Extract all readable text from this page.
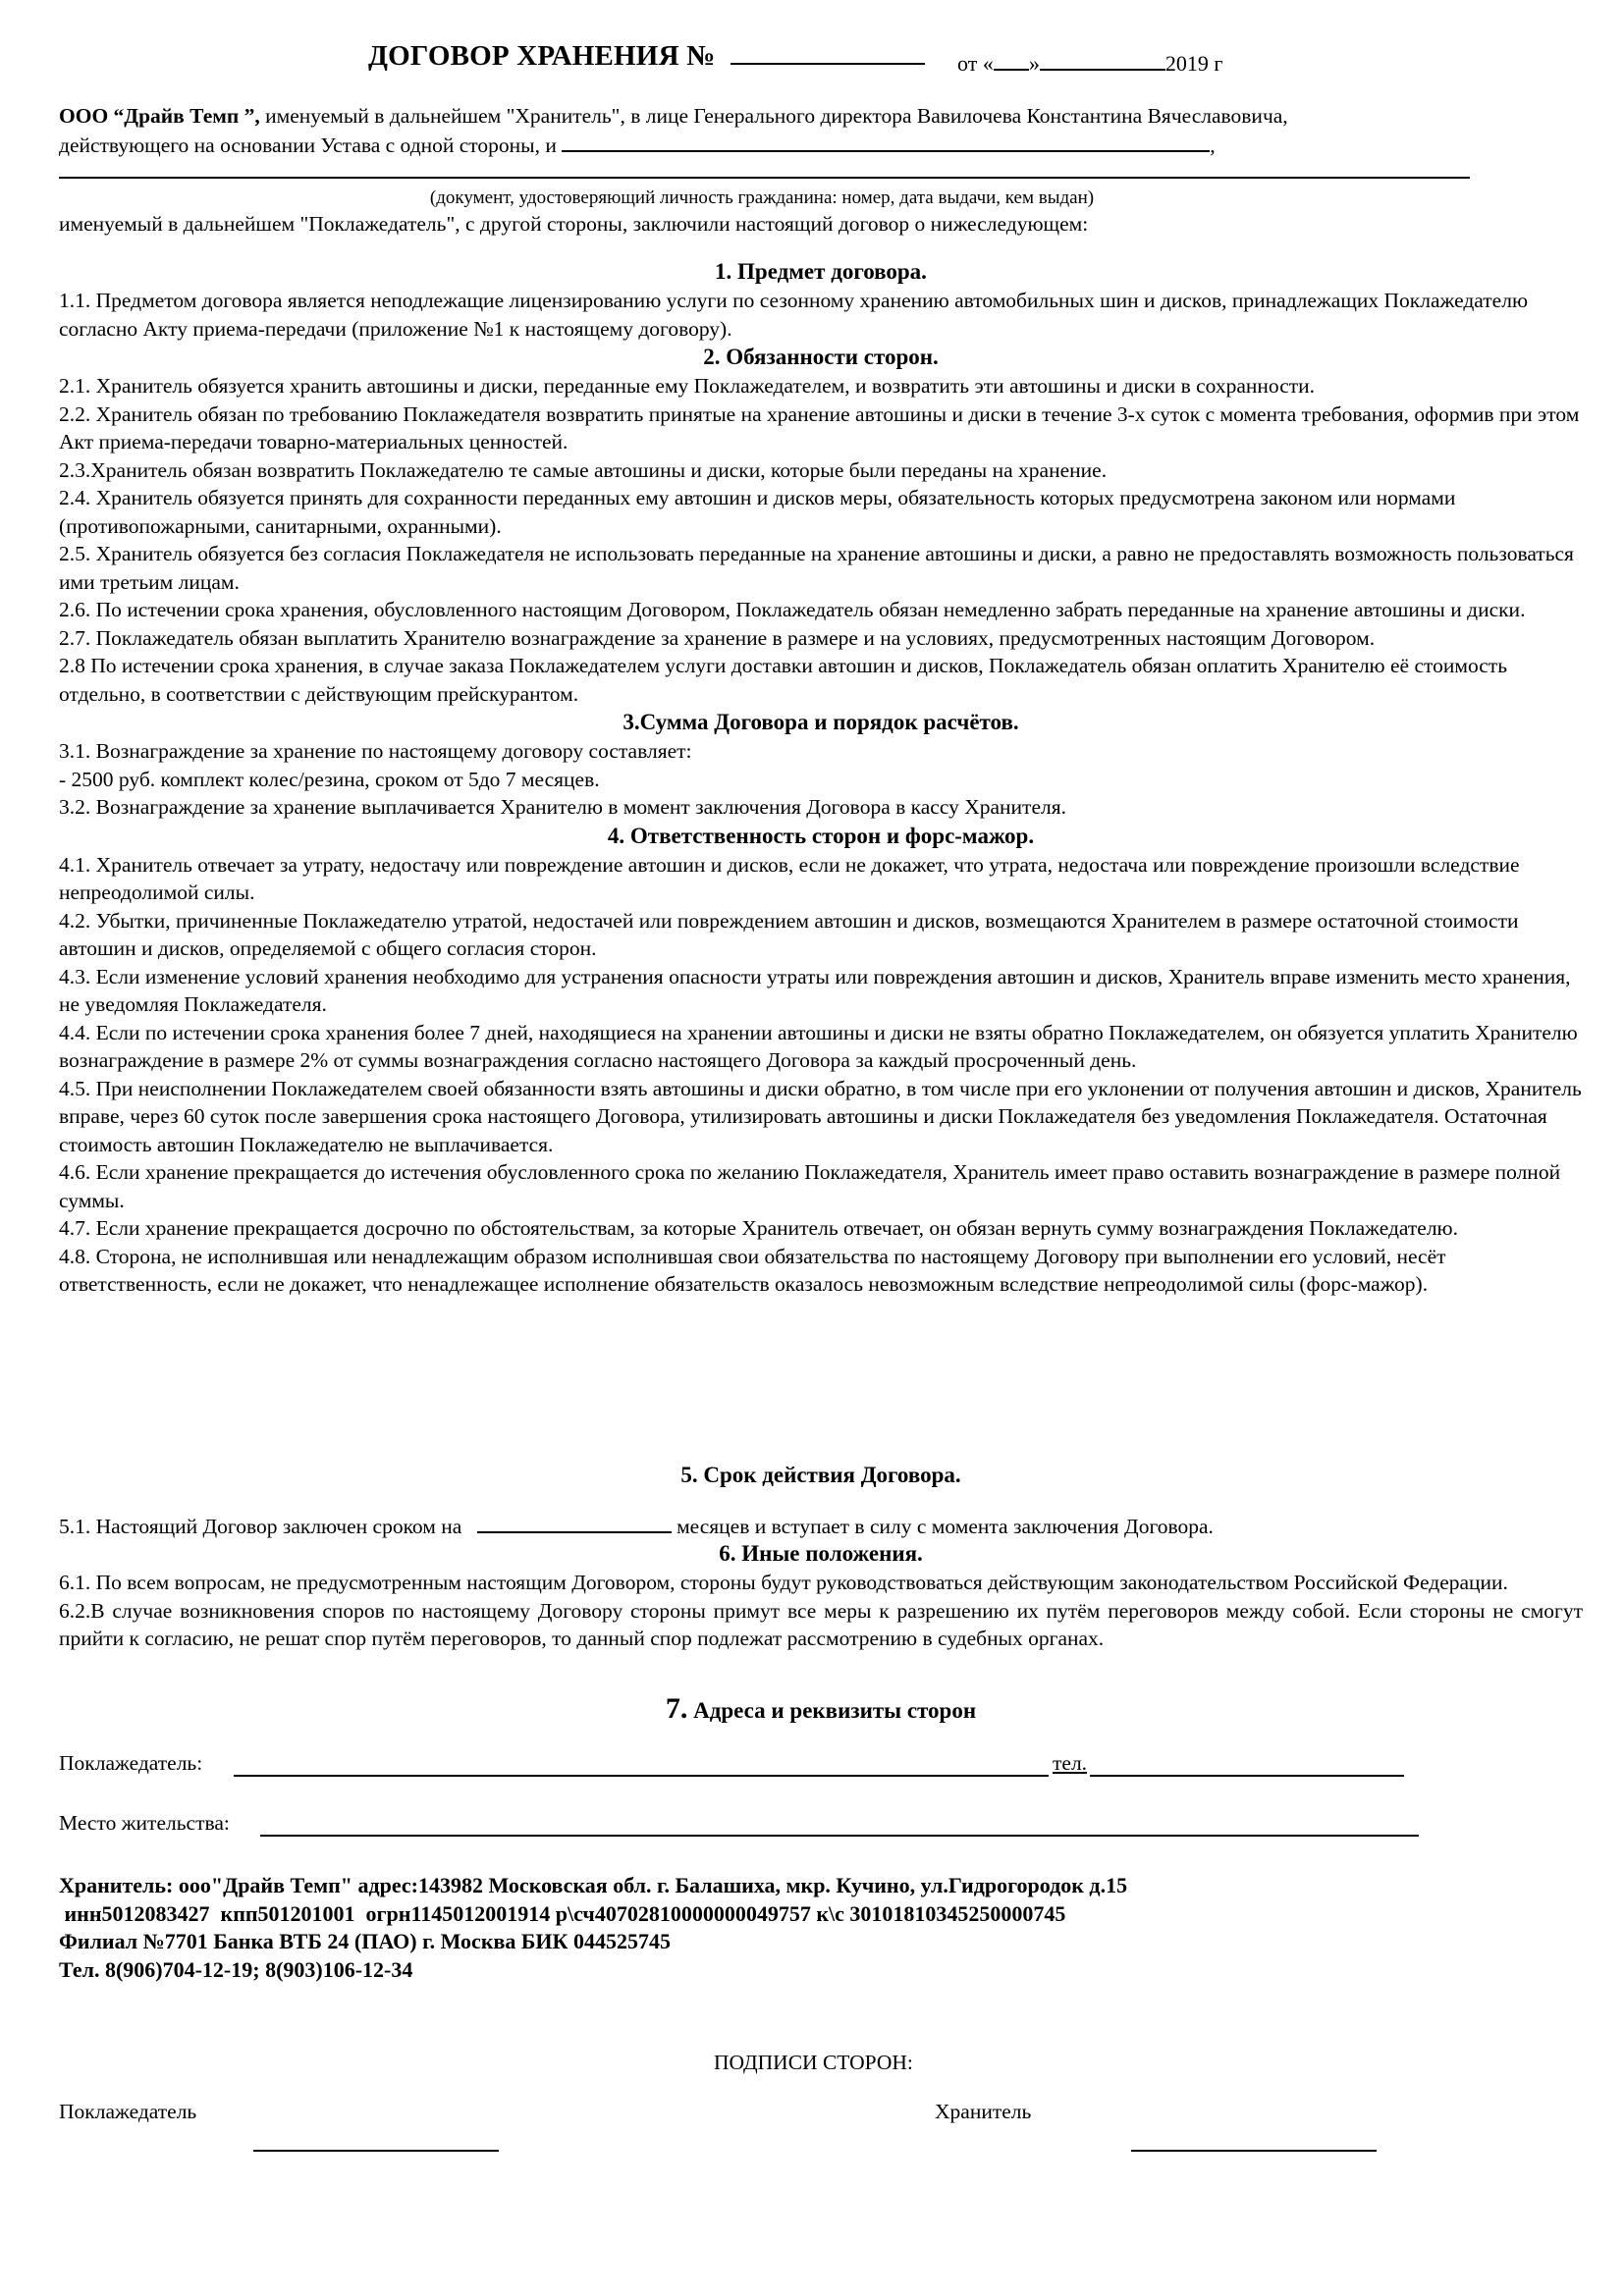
ДОГОВОР ХРАНЕНИЯ №	от « »	2019 г

ООО “Драйв Темп ”, именуемый в дальнейшем "Хранитель", в лице Генерального директора Вавилочева Константина Вячеславовича,

действующего на основании Устава с одной стороны, и	,

(документ, удостоверяющий личность гражданина: номер, дата выдачи, кем выдан)

именуемый в дальнейшем "Поклажедатель", с другой стороны, заключили настоящий договор о нижеследующем:

1. Предмет договора.

1.1. Предметом договора является неподлежащие лицензированию услуги по сезонному хранению автомобильных шин и дисков, принадлежащих Поклажедателю согласно Акту приема-передачи (приложение №1 к настоящему договору).

2. Обязанности сторон.

2.1. Хранитель обязуется хранить автошины и диски, переданные ему Поклажедателем, и возвратить эти автошины и диски в сохранности.

2.2. Хранитель обязан по требованию Поклажедателя возвратить принятые на хранение автошины и диски в течение 3-х суток с момента требования, оформив при этом Акт приема-передачи товарно-материальных ценностей.

2.3.Хранитель обязан возвратить Поклажедателю те самые автошины и диски, которые были переданы на хранение.

2.4. Хранитель обязуется принять для сохранности переданных ему автошин и дисков меры, обязательность которых предусмотрена законом или нормами (противопожарными, санитарными, охранными).

2.5. Хранитель обязуется без согласия Поклажедателя не использовать переданные на хранение автошины и диски, а равно не предоставлять возможность пользоваться ими третьим лицам.

2.6. По истечении срока хранения, обусловленного настоящим Договором, Поклажедатель обязан немедленно забрать переданные на хранение автошины и диски.

2.7. Поклажедатель обязан выплатить Хранителю вознаграждение за хранение в размере и на условиях, предусмотренных настоящим Договором.

2.8 По истечении срока хранения, в случае заказа Поклажедателем услуги доставки автошин и дисков, Поклажедатель обязан оплатить Хранителю её стоимость отдельно, в соответствии с действующим прейскурантом.

3.Сумма Договора и порядок расчётов.

3.1. Вознаграждение за хранение по настоящему договору составляет:

- 2500 руб. комплект колес/резина, сроком от 5до 7 месяцев.

3.2. Вознаграждение за хранение выплачивается Хранителю в момент заключения Договора в кассу Хранителя.

4. Ответственность сторон и форс-мажор.

4.1. Хранитель отвечает за утрату, недостачу или повреждение автошин и дисков, если не докажет, что утрата, недостача или повреждение произошли вследствие непреодолимой силы.

4.2. Убытки, причиненные Поклажедателю утратой, недостачей или повреждением автошин и дисков, возмещаются Хранителем в размере остаточной стоимости автошин и дисков, определяемой с общего согласия сторон.

4.3. Если изменение условий хранения необходимо для устранения опасности утраты или повреждения автошин и дисков, Хранитель вправе изменить место хранения, не уведомляя Поклажедателя.

4.4. Если по истечении срока хранения более 7 дней, находящиеся на хранении автошины и диски не взяты обратно Поклажедателем, он обязуется уплатить Хранителю вознаграждение в размере 2% от суммы вознаграждения согласно настоящего Договора за каждый просроченный день.

4.5. При неисполнении Поклажедателем своей обязанности взять автошины и диски обратно, в том числе при его уклонении от получения автошин и дисков, Хранитель вправе, через 60 суток после завершения срока настоящего Договора, утилизировать автошины и диски Поклажедателя без уведомления Поклажедателя. Остаточная стоимость автошин Поклажедателю не выплачивается.

4.6. Если хранение прекращается до истечения обусловленного срока по желанию Поклажедателя, Хранитель имеет право оставить вознаграждение в размере полной суммы.

4.7. Если хранение прекращается досрочно по обстоятельствам, за которые Хранитель отвечает, он обязан вернуть сумму вознаграждения Поклажедателю.

4.8. Сторона, не исполнившая или ненадлежащим образом исполнившая свои обязательства по настоящему Договору при выполнении его условий, несёт ответственность, если не докажет, что ненадлежащее исполнение обязательств оказалось невозможным вследствие непреодолимой силы (форс-мажор).

5. Срок действия Договора.

5.1. Настоящий Договор заключен сроком на	месяцев и вступает в силу с момента заключения Договора.

6. Иные положения.

6.1. По всем вопросам, не предусмотренным настоящим Договором, стороны будут руководствоваться действующим законодательством Российской Федерации.

6.2.В случае возникновения споров по настоящему Договору стороны примут все меры к разрешению их путём переговоров между собой. Если стороны не смогут прийти к согласию, не решат спор путём переговоров, то данный спор подлежат рассмотрению в судебных органах.

7. Адреса и реквизиты сторон

Поклажедатель:	тел.
Место жительства:

Хранитель: ооо"Драйв Темп" адрес:143982 Московская обл. г. Балашиха, мкр. Кучино, ул.Гидрогородок д.15

инн5012083427  кпп501201001  огрн1145012001914 р\сч40702810000000049757 к\с 30101810345250000745

Филиал №7701 Банка ВТБ 24 (ПАО) г. Москва БИК 044525745

Тел. 8(906)704-12-19; 8(903)106-12-34

ПОДПИСИ СТОРОН:
Поклажедатель	Хранитель
